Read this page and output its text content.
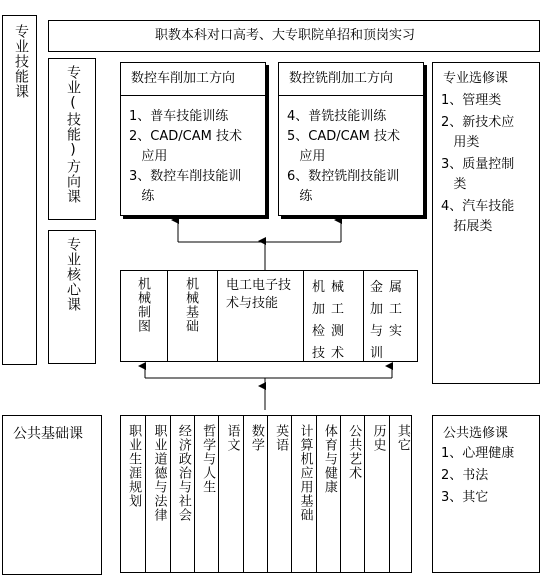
专业技能课
公共基础课
职教本科对口高考、大专职院单招和顶岗实习
专业(技能)方向课	数控车削加工方向
1、普车技能训练
2、CAD/CAM 技术
应用
3、数控车削技能训
练
数控铣削加工方向
4、普铣技能训练
5、CAD/CAM 技术
应用
6、数控铣削技能训
练
专业选修课
1、管理类
2、新技术应
用类
3、质量控制
类
4、汽车技能
拓展类
专业核心课	机械制图	机械基础 电工电子技术与技能
机械加工检测技术
金属加工与实训
职业生涯规划 职业道德与法律 经济政治与社会 哲学与人生 语文 数学 英语 计算机应用基础 体育与健康 公共艺术 历史 其它	公共选修课
1、心理健康
2、书法
3、其它
